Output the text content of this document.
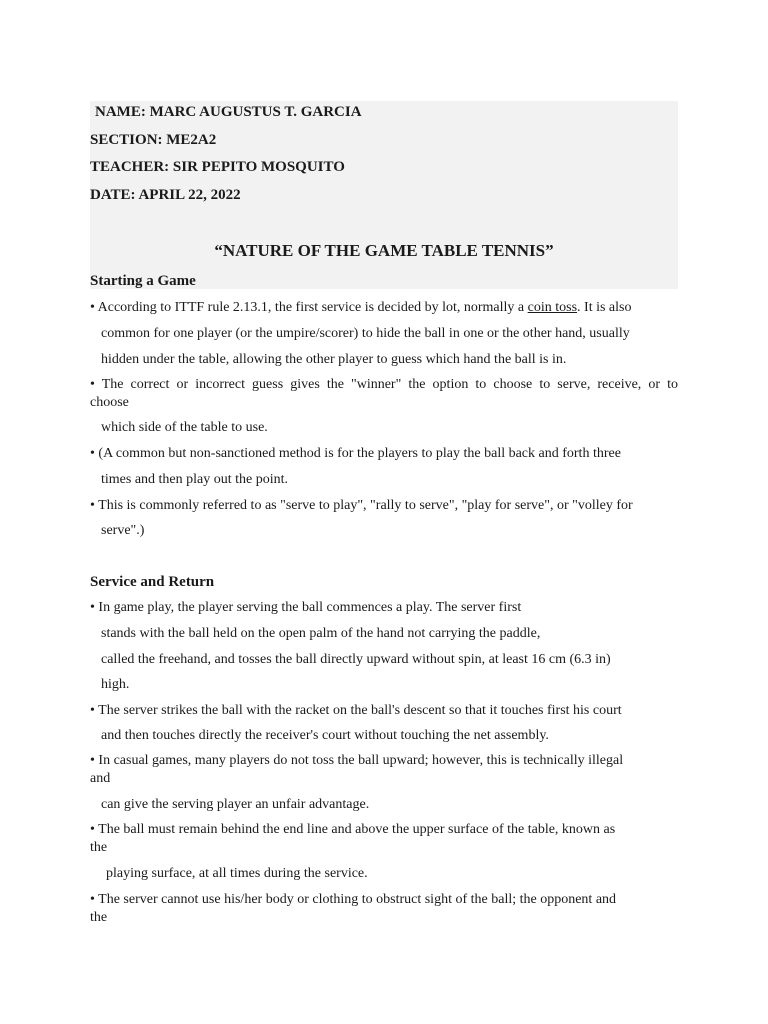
NAME: MARC AUGUSTUS T. GARCIA
SECTION: ME2A2
TEACHER: SIR PEPITO MOSQUITO
DATE: APRIL 22, 2022
“NATURE OF THE GAME TABLE TENNIS”
Starting a Game
• According to ITTF rule 2.13.1, the first service is decided by lot, normally a coin toss. It is also
common for one player (or the umpire/scorer) to hide the ball in one or the other hand, usually
hidden under the table, allowing the other player to guess which hand the ball is in.
• The correct or incorrect guess gives the "winner" the option to choose to serve, receive, or to
choose
which side of the table to use.
• (A common but non-sanctioned method is for the players to play the ball back and forth three
times and then play out the point.
• This is commonly referred to as "serve to play", "rally to serve", "play for serve", or "volley for
serve".)
Service and Return
• In game play, the player serving the ball commences a play. The server first
stands with the ball held on the open palm of the hand not carrying the paddle,
called the freehand, and tosses the ball directly upward without spin, at least 16 cm (6.3 in)
high.
• The server strikes the ball with the racket on the ball's descent so that it touches first his court
and then touches directly the receiver's court without touching the net assembly.
• In casual games, many players do not toss the ball upward; however, this is technically illegal
and
can give the serving player an unfair advantage.
• The ball must remain behind the end line and above the upper surface of the table, known as
the
playing surface, at all times during the service.
• The server cannot use his/her body or clothing to obstruct sight of the ball; the opponent and
the
